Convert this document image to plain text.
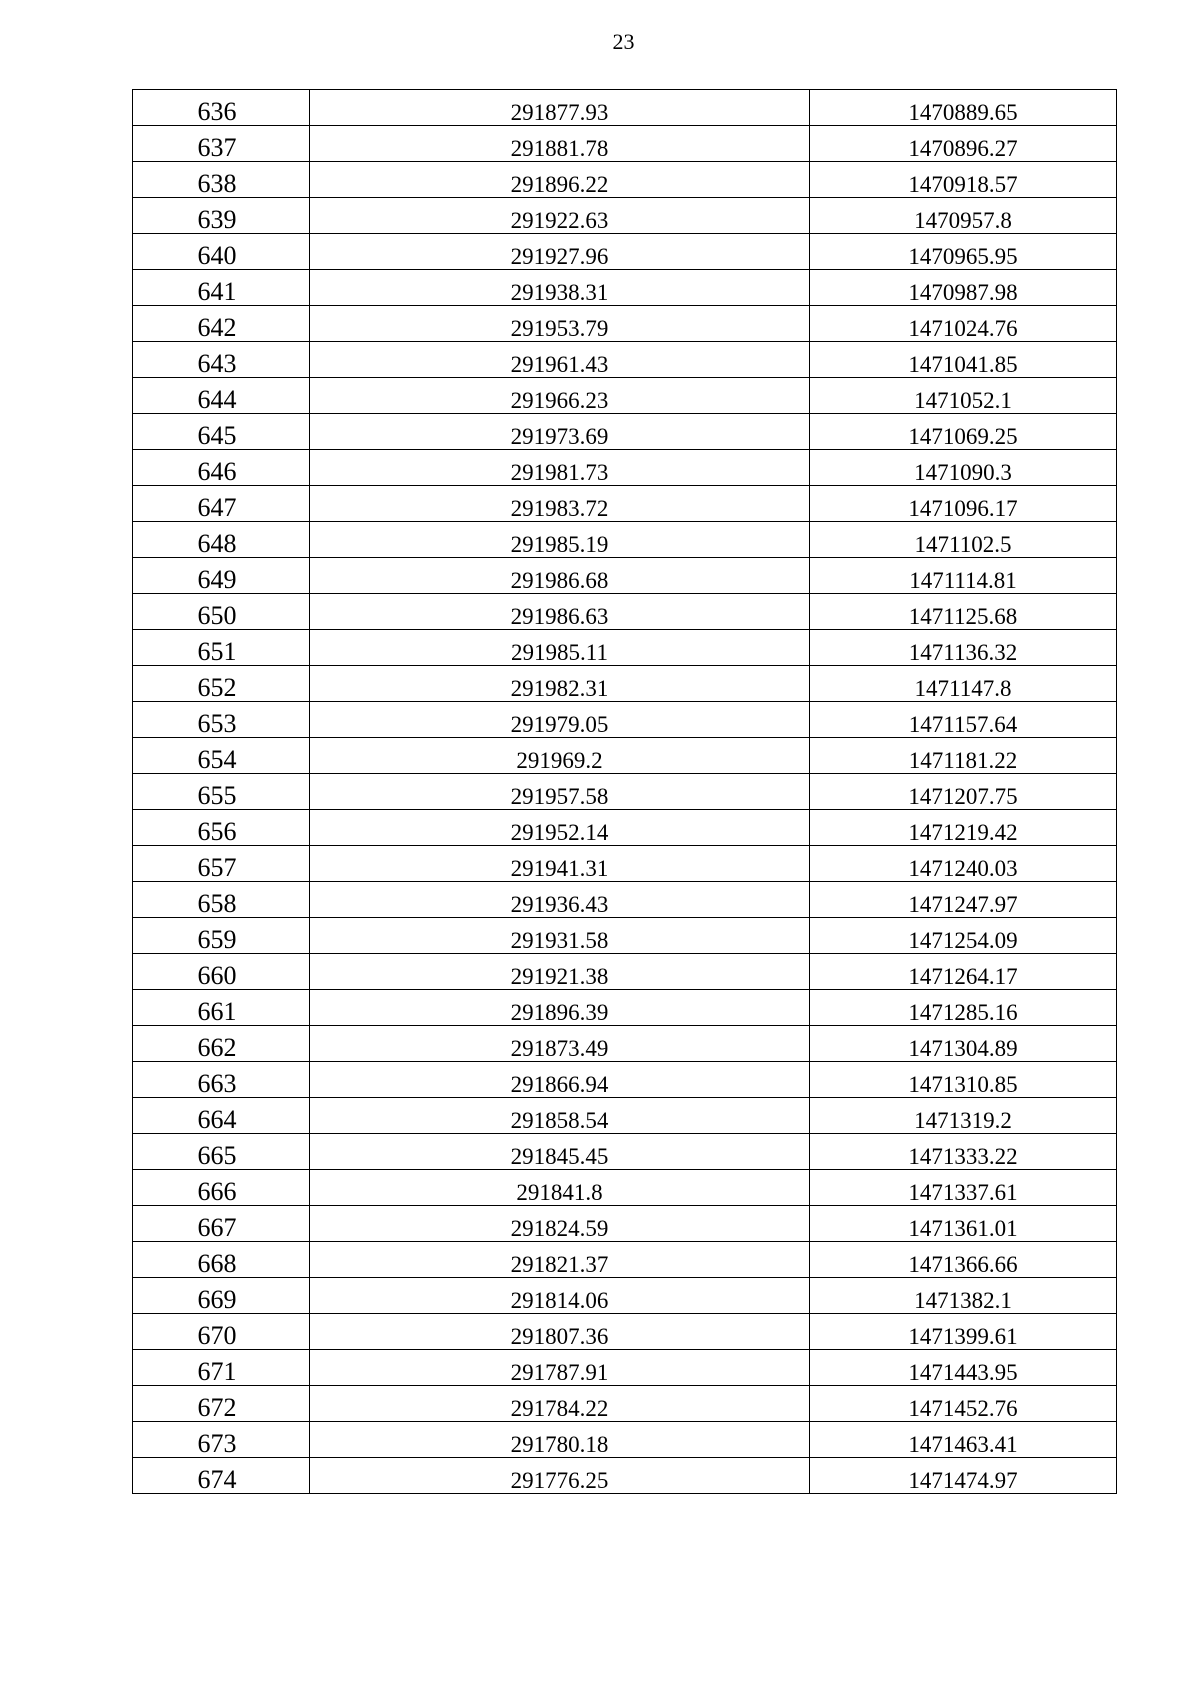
23
636	291877.93	1470889.65
637	291881.78	1470896.27
638	291896.22	1470918.57
639	291922.63	1470957.8
640	291927.96	1470965.95
641	291938.31	1470987.98
642	291953.79	1471024.76
643	291961.43	1471041.85
644	291966.23	1471052.1
645	291973.69	1471069.25
646	291981.73	1471090.3
647	291983.72	1471096.17
648	291985.19	1471102.5
649	291986.68	1471114.81
650	291986.63	1471125.68
651	291985.11	1471136.32
652	291982.31	1471147.8
653	291979.05	1471157.64
654	291969.2	1471181.22
655	291957.58	1471207.75
656	291952.14	1471219.42
657	291941.31	1471240.03
658	291936.43	1471247.97
659	291931.58	1471254.09
660	291921.38	1471264.17
661	291896.39	1471285.16
662	291873.49	1471304.89
663	291866.94	1471310.85
664	291858.54	1471319.2
665	291845.45	1471333.22
666	291841.8	1471337.61
667	291824.59	1471361.01
668	291821.37	1471366.66
669	291814.06	1471382.1
670	291807.36	1471399.61
671	291787.91	1471443.95
672	291784.22	1471452.76
673	291780.18	1471463.41
674	291776.25	1471474.97
